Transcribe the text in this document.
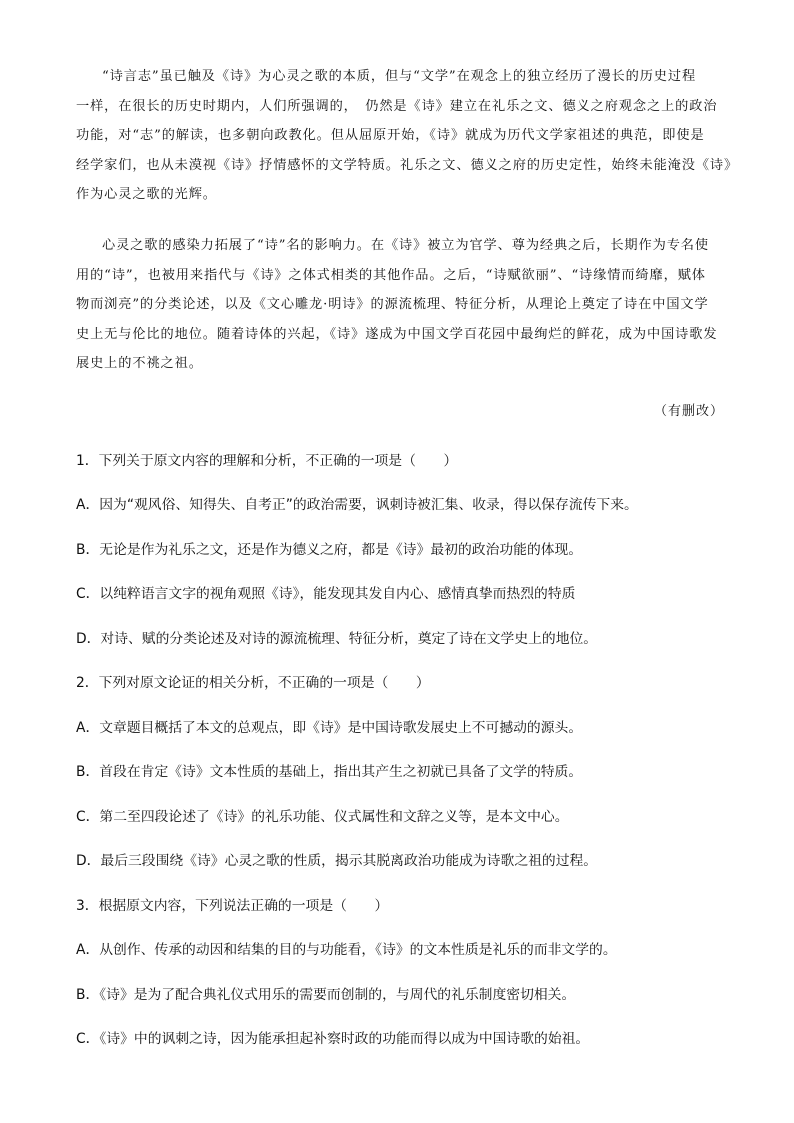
“诗言志”虽已触及《诗》为心灵之歌的本质，但与“文学”在观念上的独立经历了漫长的历史过程
一样，在很长的历史时期内，人们所强调的，　仍然是《诗》建立在礼乐之文、德义之府观念之上的政治
功能，对“志”的解读，也多朝向政教化。但从屈原开始，《诗》就成为历代文学家祖述的典范，即使是
经学家们，也从未漠视《诗》抒情感怀的文学特质。礼乐之文、德义之府的历史定性，始终未能淹没《诗》
作为心灵之歌的光辉。
心灵之歌的感染力拓展了“诗”名的影响力。在《诗》被立为官学、尊为经典之后，长期作为专名使
用的“诗”，也被用来指代与《诗》之体式相类的其他作品。之后，“诗赋欲丽”、“诗缘情而绮靡，赋体
物而浏亮”的分类论述，以及《文心雕龙·明诗》的源流梳理、特征分析，从理论上奠定了诗在中国文学
史上无与伦比的地位。随着诗体的兴起，《诗》遂成为中国文学百花园中最绚烂的鲜花，成为中国诗歌发
展史上的不祧之祖。
（有删改）
1．下列关于原文内容的理解和分析，不正确的一项是（　　）
A．因为“观风俗、知得失、自考正”的政治需要，讽刺诗被汇集、收录，得以保存流传下来。
B．无论是作为礼乐之文，还是作为德义之府，都是《诗》最初的政治功能的体现。
C．以纯粹语言文字的视角观照《诗》，能发现其发自内心、感情真挚而热烈的特质
D．对诗、赋的分类论述及对诗的源流梳理、特征分析，奠定了诗在文学史上的地位。
2．下列对原文论证的相关分析，不正确的一项是（　　）
A．文章题目概括了本文的总观点，即《诗》是中国诗歌发展史上不可撼动的源头。
B．首段在肯定《诗》文本性质的基础上，指出其产生之初就已具备了文学的特质。
C．第二至四段论述了《诗》的礼乐功能、仪式属性和文辞之义等，是本文中心。
D．最后三段围绕《诗》心灵之歌的性质，揭示其脱离政治功能成为诗歌之祖的过程。
3．根据原文内容，下列说法正确的一项是（　　）
A．从创作、传承的动因和结集的目的与功能看，《诗》的文本性质是礼乐的而非文学的。
B．《诗》是为了配合典礼仪式用乐的需要而创制的，与周代的礼乐制度密切相关。
C．《诗》中的讽刺之诗，因为能承担起补察时政的功能而得以成为中国诗歌的始祖。
